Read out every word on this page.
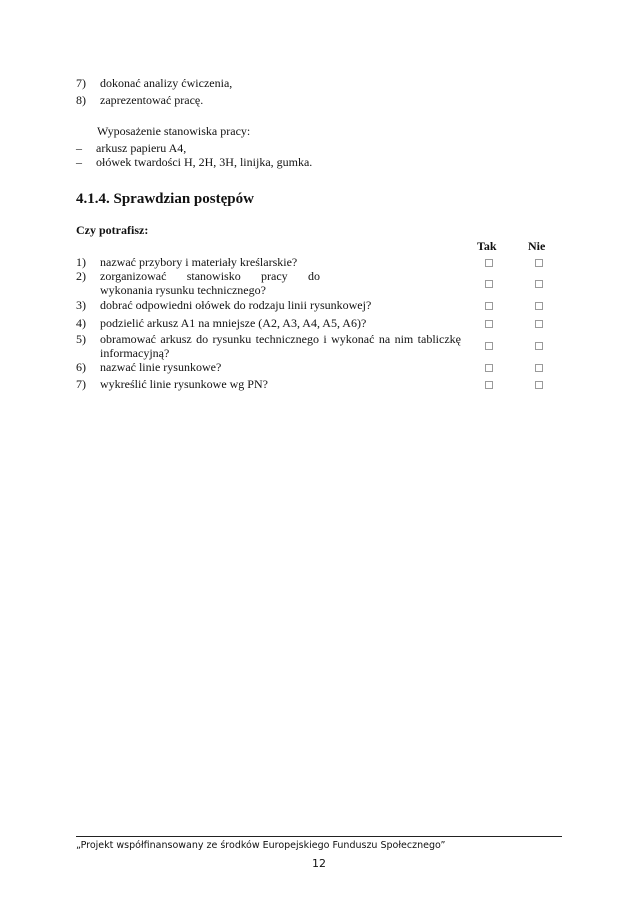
7) dokonać analizy ćwiczenia,
8) zaprezentować pracę.
Wyposażenie stanowiska pracy:
– arkusz papieru A4,
– ołówek twardości H, 2H, 3H, linijka, gumka.
4.1.4. Sprawdzian postępów
Czy potrafisz:
Tak	Nie
1) nazwać przybory i materiały kreślarskie?
2) zorganizować stanowisko pracy do wykonania rysunku technicznego?
3) dobrać odpowiedni ołówek do rodzaju linii rysunkowej?
4) podzielić arkusz A1 na mniejsze (A2, A3, A4, A5, A6)?
5) obramować arkusz do rysunku technicznego i wykonać na nim tabliczkę informacyjną?
6) nazwać linie rysunkowe?
7) wykreślić linie rysunkowe wg PN?
„Projekt współfinansowany ze środków Europejskiego Funduszu Społecznego”
12
